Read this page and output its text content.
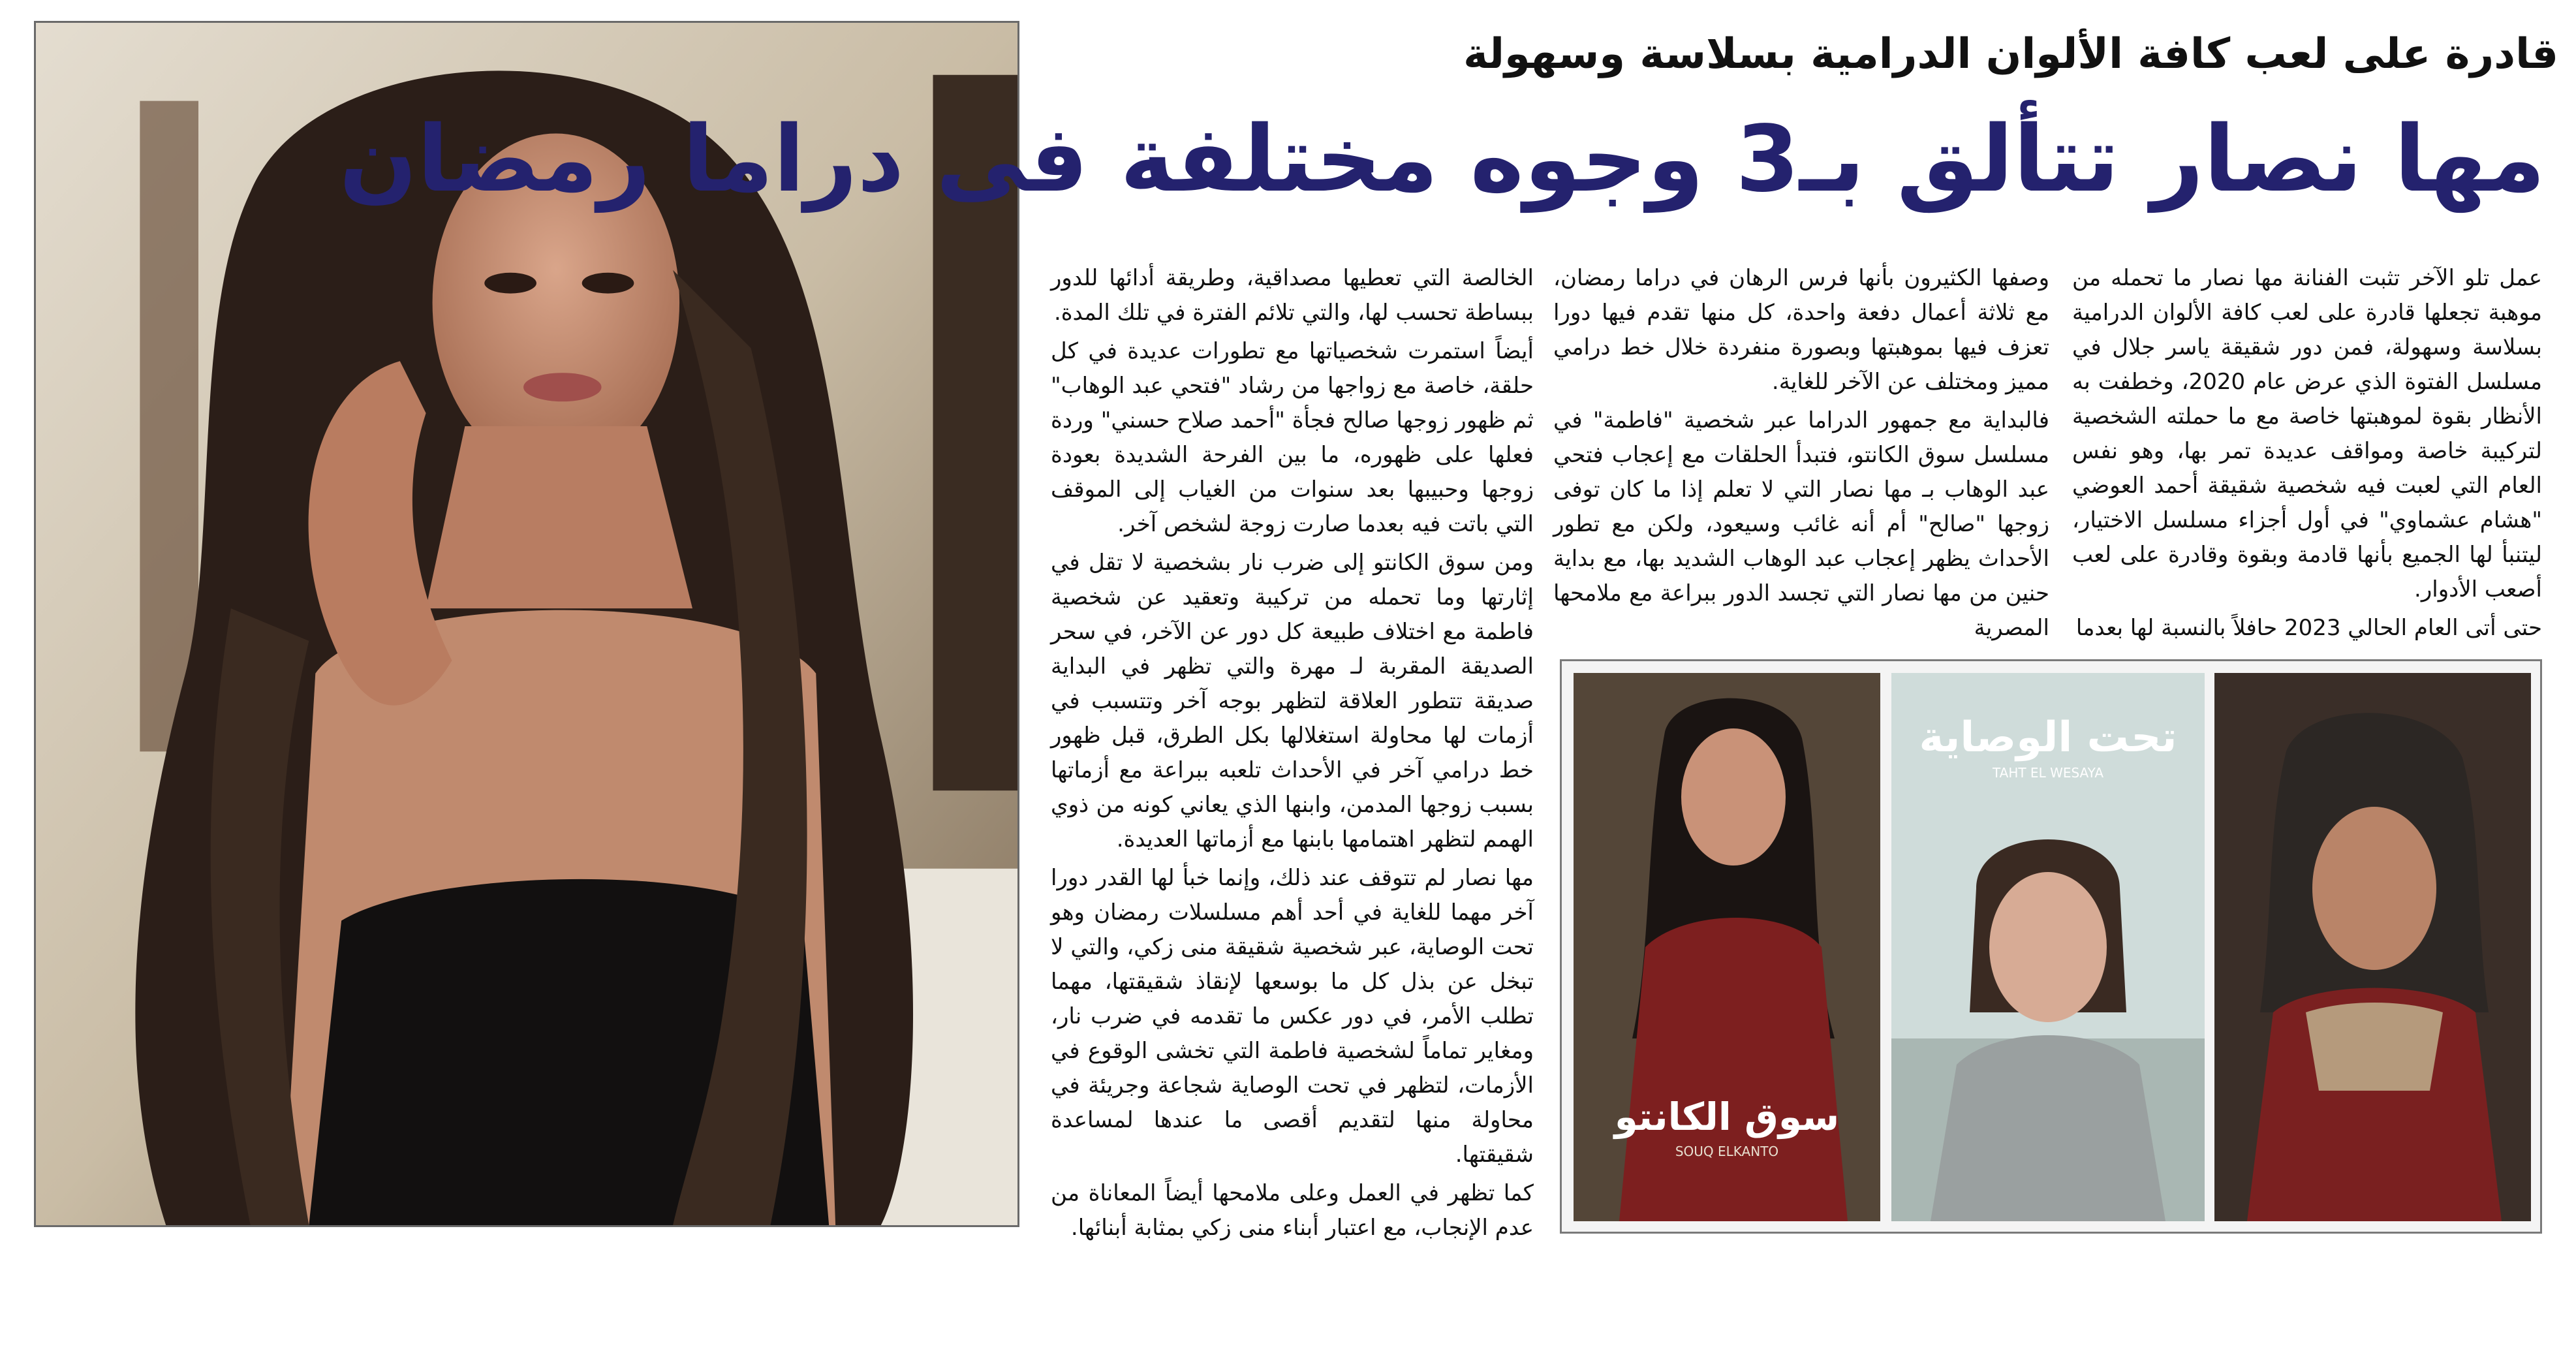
قادرة على لعب كافة الألوان الدرامية بسلاسة وسهولة
مها نصار تتألق بـ3 وجوه مختلفة فى دراما رمضان

عمل تلو الآخر تثبت الفنانة مها نصار ما تحمله من موهبة تجعلها قادرة على لعب كافة الألوان الدرامية بسلاسة وسهولة، فمن دور شقيقة ياسر جلال في مسلسل الفتوة الذي عرض عام 2020، وخطفت به الأنظار بقوة لموهبتها خاصة مع ما حملته الشخصية لتركيبة خاصة ومواقف عديدة تمر بها، وهو نفس العام التي لعبت فيه شخصية شقيقة أحمد العوضي "هشام عشماوي" في أول أجزاء مسلسل الاختيار، ليتنبأ لها الجميع بأنها قادمة وبقوة وقادرة على لعب أصعب الأدوار.

حتى أتى العام الحالي 2023 حافلاً بالنسبة لها بعدما

وصفها الكثيرون بأنها فرس الرهان في دراما رمضان، مع ثلاثة أعمال دفعة واحدة، كل منها تقدم فيها دورا تعزف فيها بموهبتها وبصورة منفردة خلال خط درامي مميز ومختلف عن الآخر للغاية.

فالبداية مع جمهور الدراما عبر شخصية "فاطمة" في مسلسل سوق الكانتو، فتبدأ الحلقات مع إعجاب فتحي عبد الوهاب بـ مها نصار التي لا تعلم إذا ما كان توفى زوجها "صالح" أم أنه غائب وسيعود، ولكن مع تطور الأحداث يظهر إعجاب عبد الوهاب الشديد بها، مع بداية حنين من مها نصار التي تجسد الدور ببراعة مع ملامحها المصرية

الخالصة التي تعطيها مصداقية، وطريقة أدائها للدور ببساطة تحسب لها، والتي تلائم الفترة في تلك المدة.

أيضاً استمرت شخصياتها مع تطورات عديدة في كل حلقة، خاصة مع زواجها من رشاد "فتحي عبد الوهاب" ثم ظهور زوجها صالح فجأة "أحمد صلاح حسني" وردة فعلها على ظهوره، ما بين الفرحة الشديدة بعودة زوجها وحبيبها بعد سنوات من الغياب إلى الموقف التي باتت فيه بعدما صارت زوجة لشخص آخر.

ومن سوق الكانتو إلى ضرب نار بشخصية لا تقل في إثارتها وما تحمله من تركيبة وتعقيد عن شخصية فاطمة مع اختلاف طبيعة كل دور عن الآخر، في سحر الصديقة المقربة لـ مهرة والتي تظهر في البداية صديقة تتطور العلاقة لتظهر بوجه آخر وتتسبب في أزمات لها محاولة استغلالها بكل الطرق، قبل ظهور خط درامي آخر في الأحداث تلعبه ببراعة مع أزماتها بسبب زوجها المدمن، وابنها الذي يعاني كونه من ذوي الهمم لتظهر اهتمامها بابنها مع أزماتها العديدة.

مها نصار لم تتوقف عند ذلك، وإنما خبأ لها القدر دورا آخر مهما للغاية في أحد أهم مسلسلات رمضان وهو تحت الوصاية، عبر شخصية شقيقة منى زكي، والتي لا تبخل عن بذل كل ما بوسعها لإنقاذ شقيقتها، مهما تطلب الأمر، في دور عكس ما تقدمه في ضرب نار، ومغاير تماماً لشخصية فاطمة التي تخشى الوقوع في الأزمات، لتظهر في تحت الوصاية شجاعة وجريئة في محاولة منها لتقديم أقصى ما عندها لمساعدة شقيقتها.

كما تظهر في العمل وعلى ملامحها أيضاً المعاناة من عدم الإنجاب، مع اعتبار أبناء منى زكي بمثابة أبنائها.

سوق الكانتو
SOUQ ELKANTO
تحت الوصاية
TAHT EL WESAYA
